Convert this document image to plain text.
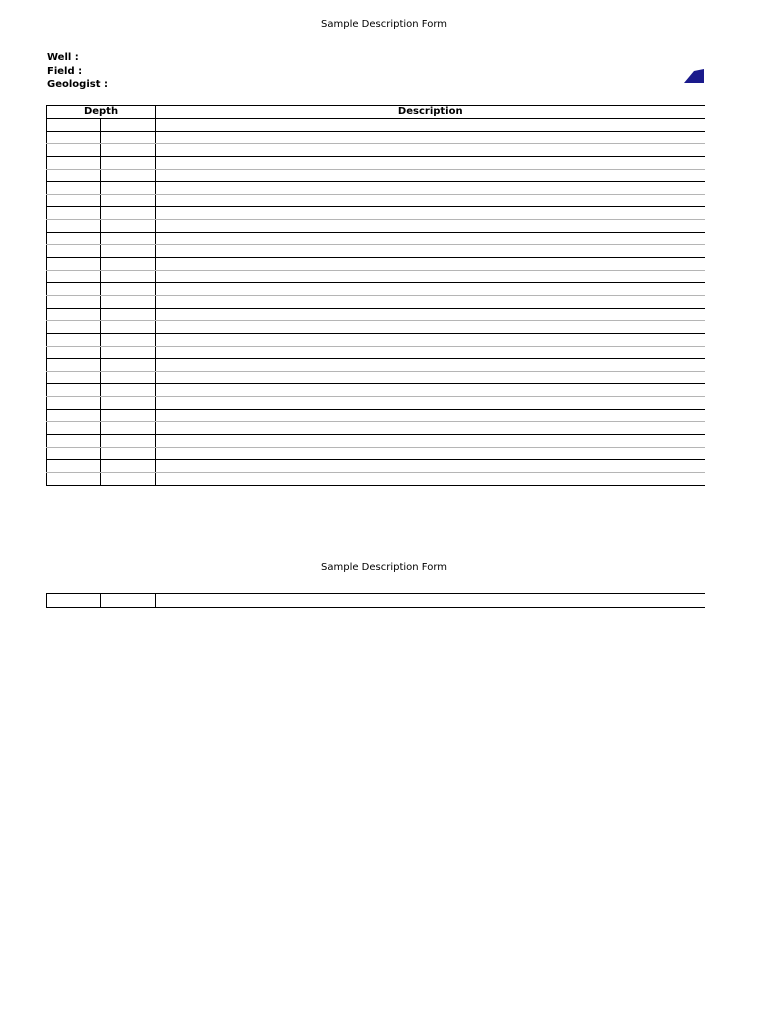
Sample Description Form
Well :
Field :
Geologist :
Depth		Description

Sample Description Form
